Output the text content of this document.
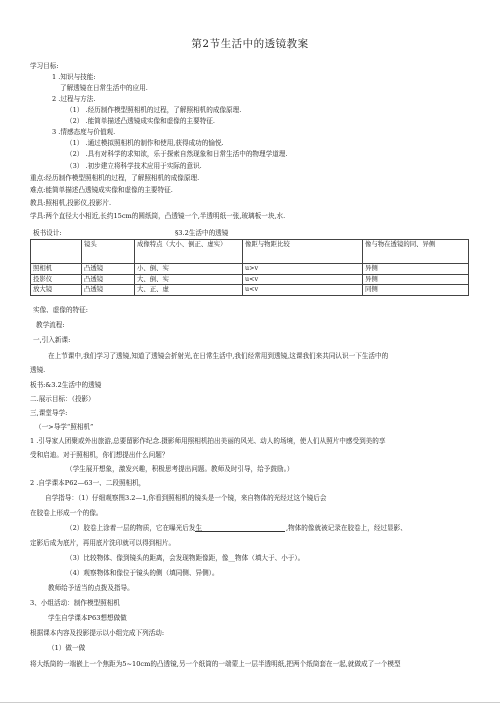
第2节生活中的透镜教案
学习目标:
1 .知识与技能:
了解透镜在日常生活中的应用.
2 .过程与方法.
（1） .经历制作模型照相机的过程，了解照相机的成像原理.
（2） .能简单描述凸透镜成实像和虚像的主要特征.
3 .情感态度与价值观.
（1） .通过模拟照相机的制作和使用,获得成功的愉悦.
（2） .具有对科学的求知欲，乐于探索自然现象和日常生活中的物理学道理.
（3） .初步建立将科学技术应用于实际的意识.
重点:经历制作模型照相机的过程，了解照相机的成像原理.
难点:能简单描述凸透镜成实像和虚像的主要特征.
教具:照相机,投影仪,投影片.
学具:两个直径大小相近,长约15cm的圆纸筒，凸透镜一个,半透明纸一张,玻璃板一块,水.
板书设计:	§3.2生活中的透镜
	镜头	成像特点（大小、倒正、虚实）	像距与物距比较	像与物在透镜的同、异侧
照相机	凸透镜	小、倒、实	u>v	异侧
投影仪	凸透镜	大、倒、实	u<v	异侧
放大镜	凸透镜	大、正、虚	u<v	同侧
实像、虚像的特征:
教学流程:
一,引入新课:
在上节课中,我们学习了透镜,知道了透镜会折射光,在日常生活中,我们经常用到透镜,这课我们来共同认识一下生活中的
透镜.
板书:&3.2生活中的透镜
二.展示目标：（投影）
三,课堂导学:
（一>导学“照相机”
1 .引导家人团聚或外出旅游,总要留影作纪念.摄影师用照相机拍出美丽的风光、动人的场境，使人们从照片中感受到美的享
受和启迪。对于照相机，你们想提出什么问题？
（学生展开想象，激发兴趣，积极思考提出问题。教师及时引导，给予鼓励。）
2 .自学课本P62—63一、二段照相机，
自学指导：（1）仔细观察图3.2—1,你看到照相机的镜头是一个镜，来自物体的光经过这个镜后会
在胶卷上形成一个的像。
（2）胶卷上涂着一层的物质，它在曝光后发生	,物体的像就被记录在胶卷上，经过显影、
定影后成为底片，再用底片洗印就可以得到相片。
（3）比较物体、像到镜头的距离，会发现物距像距，像__物体（填大于、小于）。
（4）观察物体和像位于镜头的侧（填同侧、异侧）。
教师给予适当的点拨及指导。
3、小组活动：制作模型照相机
学生自学课本P63想想做做
根据课本内容及投影提示以小组完成下列活动:
（1）做一做
将大纸筒的一端嵌上一个焦距为5~10cm的凸透镜,另一个纸筒的一端蒙上一层半透明纸,把两个纸筒套在一起,就做成了一个模型
